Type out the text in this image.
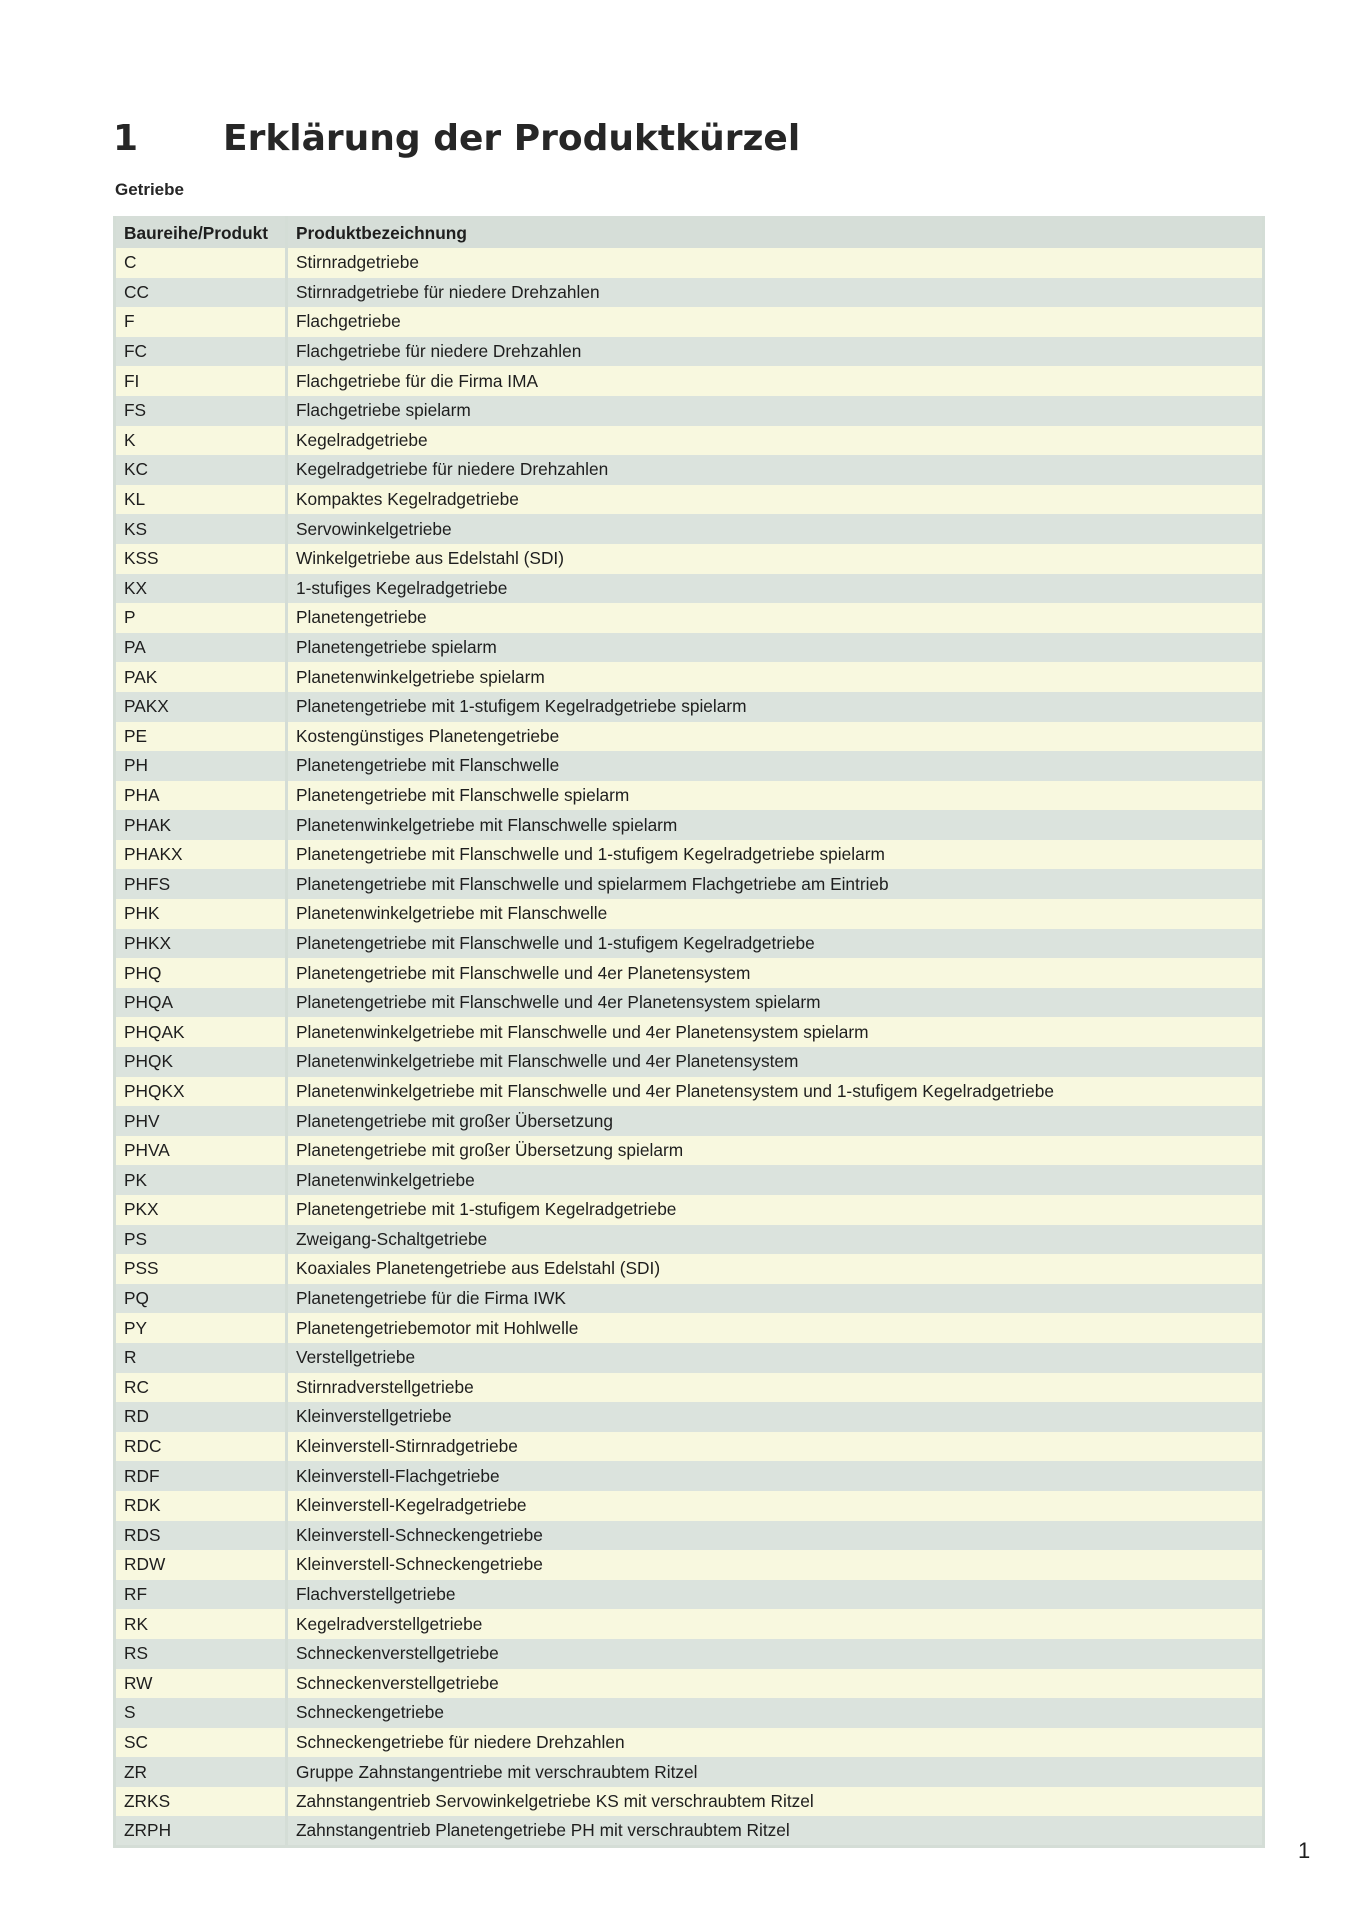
1 Erklärung der Produktkürzel
Getriebe
Baureihe/Produkt	Produktbezeichnung
C	Stirnradgetriebe
CC	Stirnradgetriebe für niedere Drehzahlen
F	Flachgetriebe
FC	Flachgetriebe für niedere Drehzahlen
FI	Flachgetriebe für die Firma IMA
FS	Flachgetriebe spielarm
K	Kegelradgetriebe
KC	Kegelradgetriebe für niedere Drehzahlen
KL	Kompaktes Kegelradgetriebe
KS	Servowinkelgetriebe
KSS	Winkelgetriebe aus Edelstahl (SDI)
KX	1-stufiges Kegelradgetriebe
P	Planetengetriebe
PA	Planetengetriebe spielarm
PAK	Planetenwinkelgetriebe spielarm
PAKX	Planetengetriebe mit 1-stufigem Kegelradgetriebe spielarm
PE	Kostengünstiges Planetengetriebe
PH	Planetengetriebe mit Flanschwelle
PHA	Planetengetriebe mit Flanschwelle spielarm
PHAK	Planetenwinkelgetriebe mit Flanschwelle spielarm
PHAKX	Planetengetriebe mit Flanschwelle und 1-stufigem Kegelradgetriebe spielarm
PHFS	Planetengetriebe mit Flanschwelle und spielarmem Flachgetriebe am Eintrieb
PHK	Planetenwinkelgetriebe mit Flanschwelle
PHKX	Planetengetriebe mit Flanschwelle und 1-stufigem Kegelradgetriebe
PHQ	Planetengetriebe mit Flanschwelle und 4er Planetensystem
PHQA	Planetengetriebe mit Flanschwelle und 4er Planetensystem spielarm
PHQAK	Planetenwinkelgetriebe mit Flanschwelle und 4er Planetensystem spielarm
PHQK	Planetenwinkelgetriebe mit Flanschwelle und 4er Planetensystem
PHQKX	Planetenwinkelgetriebe mit Flanschwelle und 4er Planetensystem und 1-stufigem Kegelradgetriebe
PHV	Planetengetriebe mit großer Übersetzung
PHVA	Planetengetriebe mit großer Übersetzung spielarm
PK	Planetenwinkelgetriebe
PKX	Planetengetriebe mit 1-stufigem Kegelradgetriebe
PS	Zweigang-Schaltgetriebe
PSS	Koaxiales Planetengetriebe aus Edelstahl (SDI)
PQ	Planetengetriebe für die Firma IWK
PY	Planetengetriebemotor mit Hohlwelle
R	Verstellgetriebe
RC	Stirnradverstellgetriebe
RD	Kleinverstellgetriebe
RDC	Kleinverstell-Stirnradgetriebe
RDF	Kleinverstell-Flachgetriebe
RDK	Kleinverstell-Kegelradgetriebe
RDS	Kleinverstell-Schneckengetriebe
RDW	Kleinverstell-Schneckengetriebe
RF	Flachverstellgetriebe
RK	Kegelradverstellgetriebe
RS	Schneckenverstellgetriebe
RW	Schneckenverstellgetriebe
S	Schneckengetriebe
SC	Schneckengetriebe für niedere Drehzahlen
ZR	Gruppe Zahnstangentriebe mit verschraubtem Ritzel
ZRKS	Zahnstangentrieb Servowinkelgetriebe KS mit verschraubtem Ritzel
ZRPH	Zahnstangentrieb Planetengetriebe PH mit verschraubtem Ritzel
1
